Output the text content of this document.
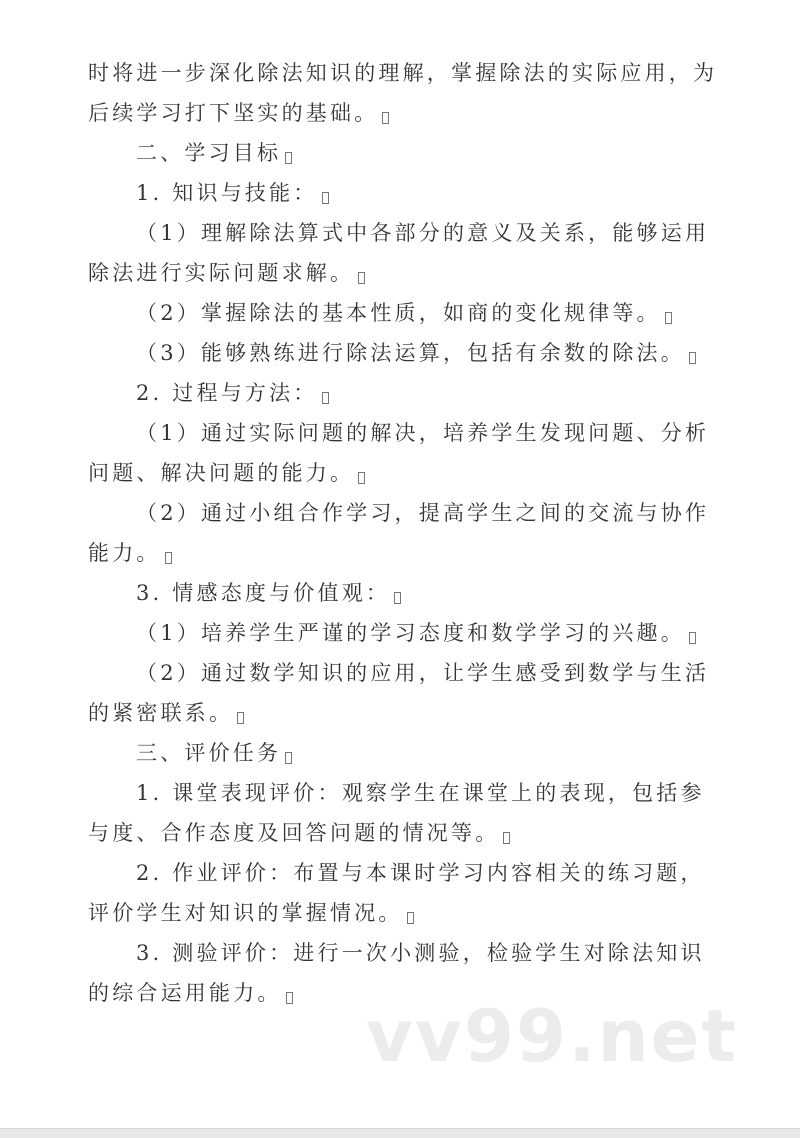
时将进一步深化除法知识的理解，掌握除法的实际应用，为后续学习打下坚实的基础。

二、学习目标

1. 知识与技能：

（1）理解除法算式中各部分的意义及关系，能够运用除法进行实际问题求解。

（2）掌握除法的基本性质，如商的变化规律等。

（3）能够熟练进行除法运算，包括有余数的除法。

2. 过程与方法：

（1）通过实际问题的解决，培养学生发现问题、分析问题、解决问题的能力。

（2）通过小组合作学习，提高学生之间的交流与协作能力。

3. 情感态度与价值观：

（1）培养学生严谨的学习态度和数学学习的兴趣。

（2）通过数学知识的应用，让学生感受到数学与生活的紧密联系。

三、评价任务

1. 课堂表现评价：观察学生在课堂上的表现，包括参与度、合作态度及回答问题的情况等。

2. 作业评价：布置与本课时学习内容相关的练习题，评价学生对知识的掌握情况。

3. 测验评价：进行一次小测验，检验学生对除法知识的综合运用能力。

vv99.net
